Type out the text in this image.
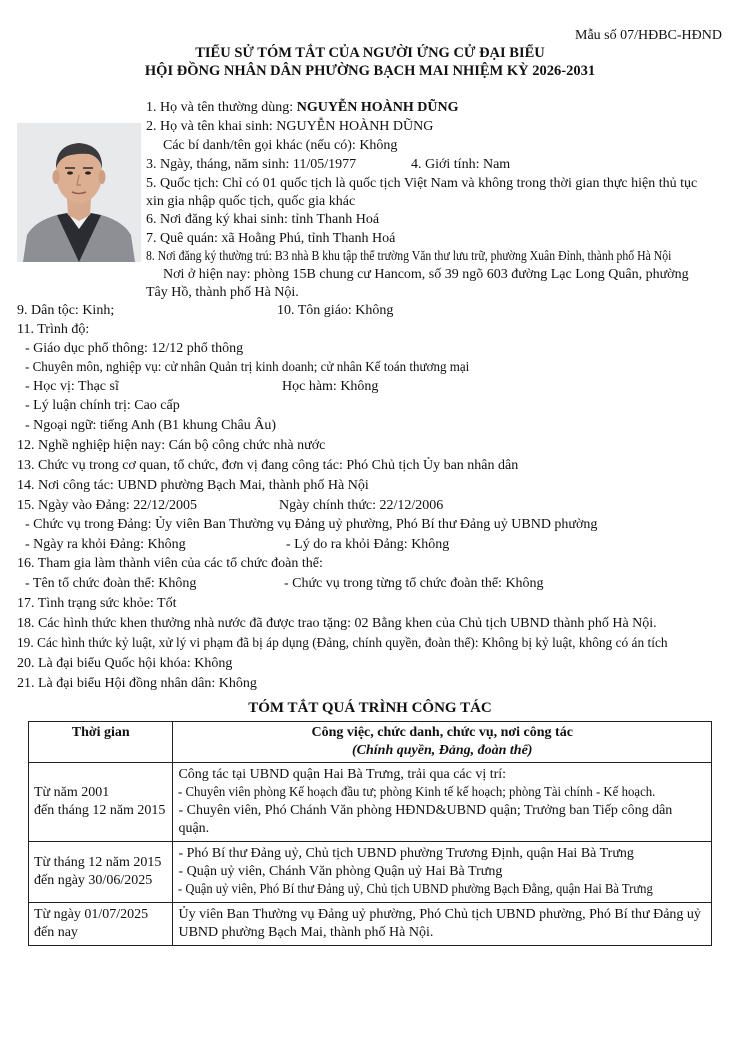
Mẫu số 07/HĐBC-HĐND
TIỂU SỬ TÓM TẮT CỦA NGƯỜI ỨNG CỬ ĐẠI BIỂU
HỘI ĐỒNG NHÂN DÂN PHƯỜNG BẠCH MAI NHIỆM KỲ 2026-2031
1. Họ và tên thường dùng: NGUYỄN HOÀNH DŨNG
2. Họ và tên khai sinh: NGUYỄN HOÀNH DŨNG
Các bí danh/tên gọi khác (nếu có): Không
3. Ngày, tháng, năm sinh: 11/05/1977	4. Giới tính: Nam
5. Quốc tịch: Chỉ có 01 quốc tịch là quốc tịch Việt Nam và không trong thời gian thực hiện thủ tục
xin gia nhập quốc tịch, quốc gia khác
6. Nơi đăng ký khai sinh: tỉnh Thanh Hoá
7. Quê quán: xã Hoằng Phú, tỉnh Thanh Hoá
8. Nơi đăng ký thường trú: B3 nhà B khu tập thể trường Văn thư lưu trữ, phường Xuân Đỉnh, thành phố Hà Nội
Nơi ở hiện nay: phòng 15B chung cư Hancom, số 39 ngõ 603 đường Lạc Long Quân, phường
Tây Hồ, thành phố Hà Nội.
9. Dân tộc: Kinh;	10. Tôn giáo: Không
11. Trình độ:
- Giáo dục phổ thông: 12/12 phổ thông
- Chuyên môn, nghiệp vụ: cử nhân Quản trị kinh doanh; cử nhân Kế toán thương mại
- Học vị: Thạc sĩ	Học hàm: Không
- Lý luận chính trị: Cao cấp
- Ngoại ngữ: tiếng Anh (B1 khung Châu Âu)
12. Nghề nghiệp hiện nay: Cán bộ công chức nhà nước
13. Chức vụ trong cơ quan, tổ chức, đơn vị đang công tác: Phó Chủ tịch Ủy ban nhân dân
14. Nơi công tác: UBND phường Bạch Mai, thành phố Hà Nội
15. Ngày vào Đảng: 22/12/2005	Ngày chính thức: 22/12/2006
- Chức vụ trong Đảng: Ủy viên Ban Thường vụ Đảng uỷ phường, Phó Bí thư Đảng uỷ UBND phường
- Ngày ra khỏi Đảng: Không	- Lý do ra khỏi Đảng: Không
16. Tham gia làm thành viên của các tổ chức đoàn thể:
- Tên tổ chức đoàn thể: Không	- Chức vụ trong từng tổ chức đoàn thể: Không
17. Tình trạng sức khỏe: Tốt
18. Các hình thức khen thưởng nhà nước đã được trao tặng: 02 Bằng khen của Chủ tịch UBND thành phố Hà Nội.
19. Các hình thức kỷ luật, xử lý vi phạm đã bị áp dụng (Đảng, chính quyền, đoàn thể): Không bị kỷ luật, không có án tích
20. Là đại biểu Quốc hội khóa: Không
21. Là đại biểu Hội đồng nhân dân: Không
TÓM TẮT QUÁ TRÌNH CÔNG TÁC
Thời gian	Công việc, chức danh, chức vụ, nơi công tác
(Chính quyền, Đảng, đoàn thể)

Từ năm 2001
đến tháng 12 năm 2015	Công tác tại UBND quận Hai Bà Trưng, trải qua các vị trí:
- Chuyên viên phòng Kế hoạch đầu tư; phòng Kinh tế kế hoạch; phòng Tài chính - Kế hoạch.
- Chuyên viên, Phó Chánh Văn phòng HĐND&UBND quận; Trưởng ban Tiếp công dân quận.

Từ tháng 12 năm 2015
đến ngày 30/06/2025	- Phó Bí thư Đảng uỷ, Chủ tịch UBND phường Trương Định, quận Hai Bà Trưng
- Quận uỷ viên, Chánh Văn phòng Quận uỷ Hai Bà Trưng
- Quận uỷ viên, Phó Bí thư Đảng uỷ, Chủ tịch UBND phường Bạch Đằng, quận Hai Bà Trưng

Từ ngày 01/07/2025
đến nay	Ủy viên Ban Thường vụ Đảng uỷ phường, Phó Chủ tịch UBND phường, Phó Bí thư Đảng uỷ UBND phường Bạch Mai, thành phố Hà Nội.
